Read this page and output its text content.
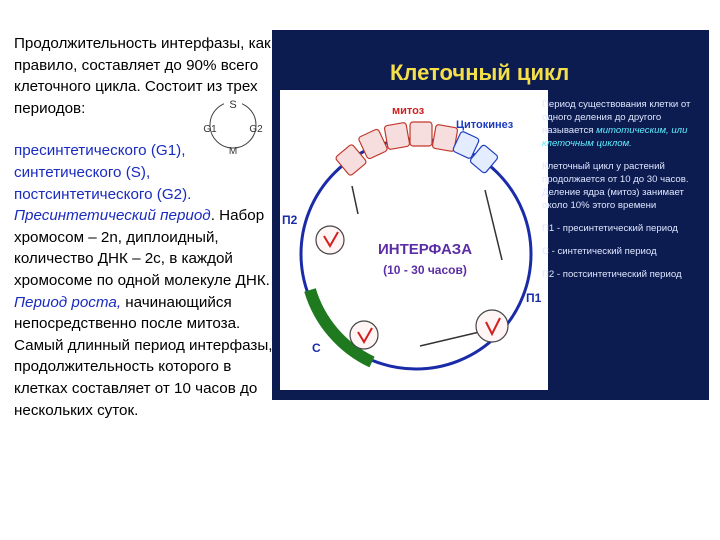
Продолжительность интерфазы, как правило, составляет до 90% всего клеточного цикла. Состоит из трех периодов:

пресинтетического (G1),

синтетического (S),

постсинтетического (G2).

Пресинтетический период. Набор хромосом – 2n, диплоидный, количество ДНК – 2с, в каждой хромосоме по одной молекуле ДНК.

Период роста, начинающийся непосредственно после митоза. Самый длинный период интерфазы, продолжительность которого в клетках составляет от 10 часов до нескольких суток.

S
G1	G2
M
Клеточный цикл
митоз
Цитокинез
ИНТЕРФАЗА
(10 - 30 часов)
П2
П1
С

Период существования клетки от одного деления до другого называется митотическим, или клеточным циклом.

Клеточный цикл у растений продолжается от 10 до 30 часов. Деление ядра (митоз) занимает около 10% этого времени

П1 - пресинтетический период

С - синтетический период

П2 - постсинтетический период
